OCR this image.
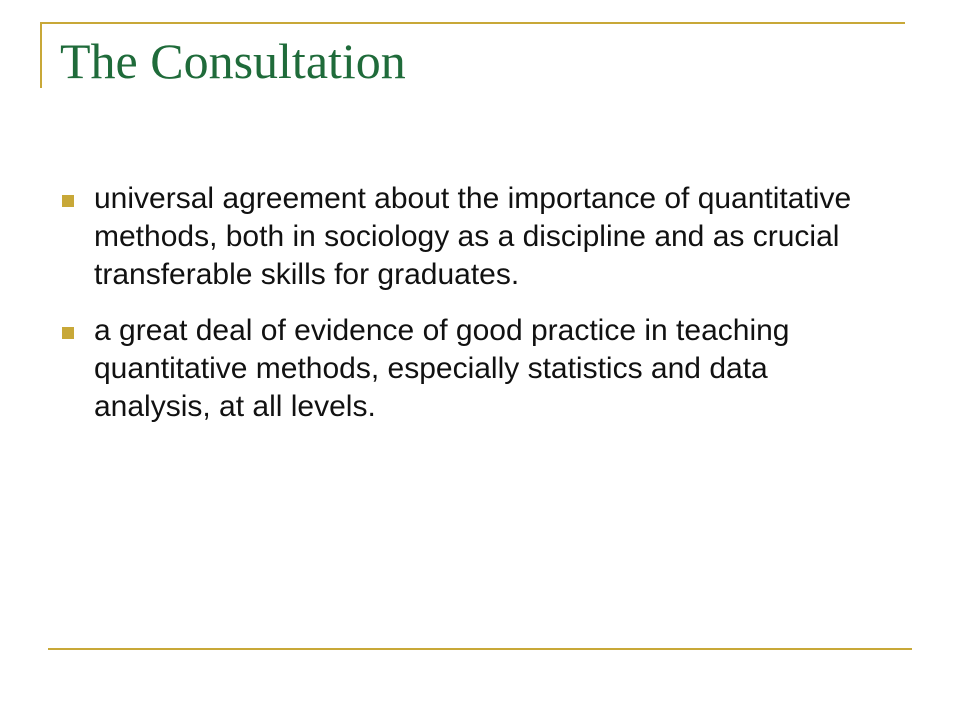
The Consultation
universal agreement about the importance of quantitative methods, both in sociology as a discipline and as crucial transferable skills for graduates.
a great deal of evidence of good practice in teaching quantitative methods, especially statistics and data analysis, at all levels.
